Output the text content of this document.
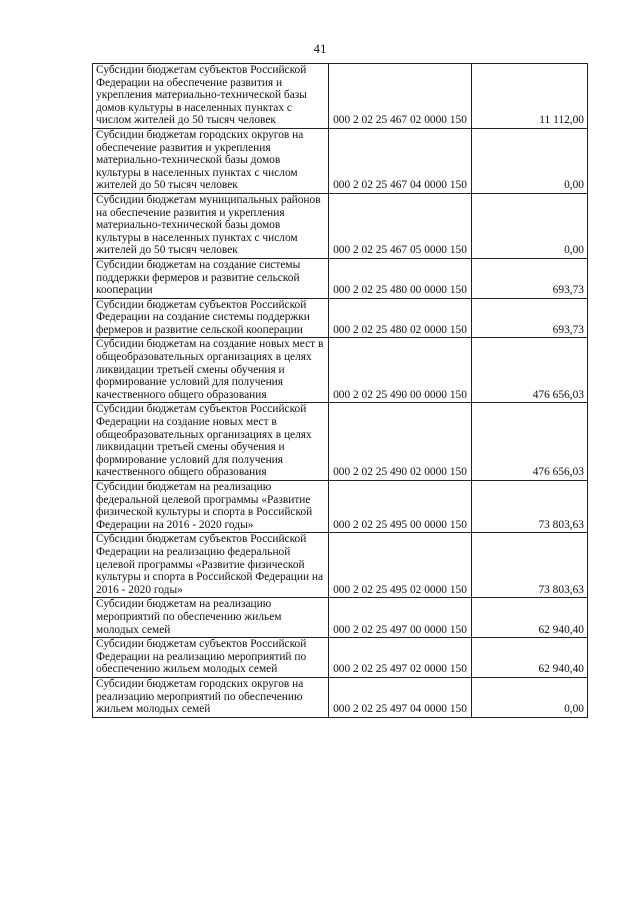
41
Субсидии бюджетам субъектов Российской Федерации на обеспечение развития и укрепления материально-технической базы домов культуры в населенных пунктах с числом жителей до 50 тысяч человек	000 2 02 25 467 02 0000 150	11 112,00
Субсидии бюджетам городских округов на обеспечение развития и укрепления материально-технической базы домов культуры в населенных пунктах с числом жителей до 50 тысяч человек	000 2 02 25 467 04 0000 150	0,00
Субсидии бюджетам муниципальных районов на обеспечение развития и укрепления материально-технической базы домов культуры в населенных пунктах с числом жителей до 50 тысяч человек	000 2 02 25 467 05 0000 150	0,00
Субсидии бюджетам на создание системы поддержки фермеров и развитие сельской кооперации	000 2 02 25 480 00 0000 150	693,73
Субсидии бюджетам субъектов Российской Федерации на создание системы поддержки фермеров и развитие сельской кооперации	000 2 02 25 480 02 0000 150	693,73
Субсидии бюджетам на создание новых мест в общеобразовательных организациях в целях ликвидации третьей смены обучения и формирование условий для получения качественного общего образования	000 2 02 25 490 00 0000 150	476 656,03
Субсидии бюджетам субъектов Российской Федерации на создание новых мест в общеобразовательных организациях в целях ликвидации третьей смены обучения и формирование условий для получения качественного общего образования	000 2 02 25 490 02 0000 150	476 656,03
Субсидии бюджетам на реализацию федеральной целевой программы «Развитие физической культуры и спорта в Российской Федерации на 2016 - 2020 годы»	000 2 02 25 495 00 0000 150	73 803,63
Субсидии бюджетам субъектов Российской Федерации на реализацию федеральной целевой программы «Развитие физической культуры и спорта в Российской Федерации на 2016 - 2020 годы»	000 2 02 25 495 02 0000 150	73 803,63
Субсидии бюджетам на реализацию мероприятий по обеспечению жильем молодых семей	000 2 02 25 497 00 0000 150	62 940,40
Субсидии бюджетам субъектов Российской Федерации на реализацию мероприятий по обеспечению жильем молодых семей	000 2 02 25 497 02 0000 150	62 940,40
Субсидии бюджетам городских округов на реализацию мероприятий по обеспечению жильем молодых семей	000 2 02 25 497 04 0000 150	0,00
